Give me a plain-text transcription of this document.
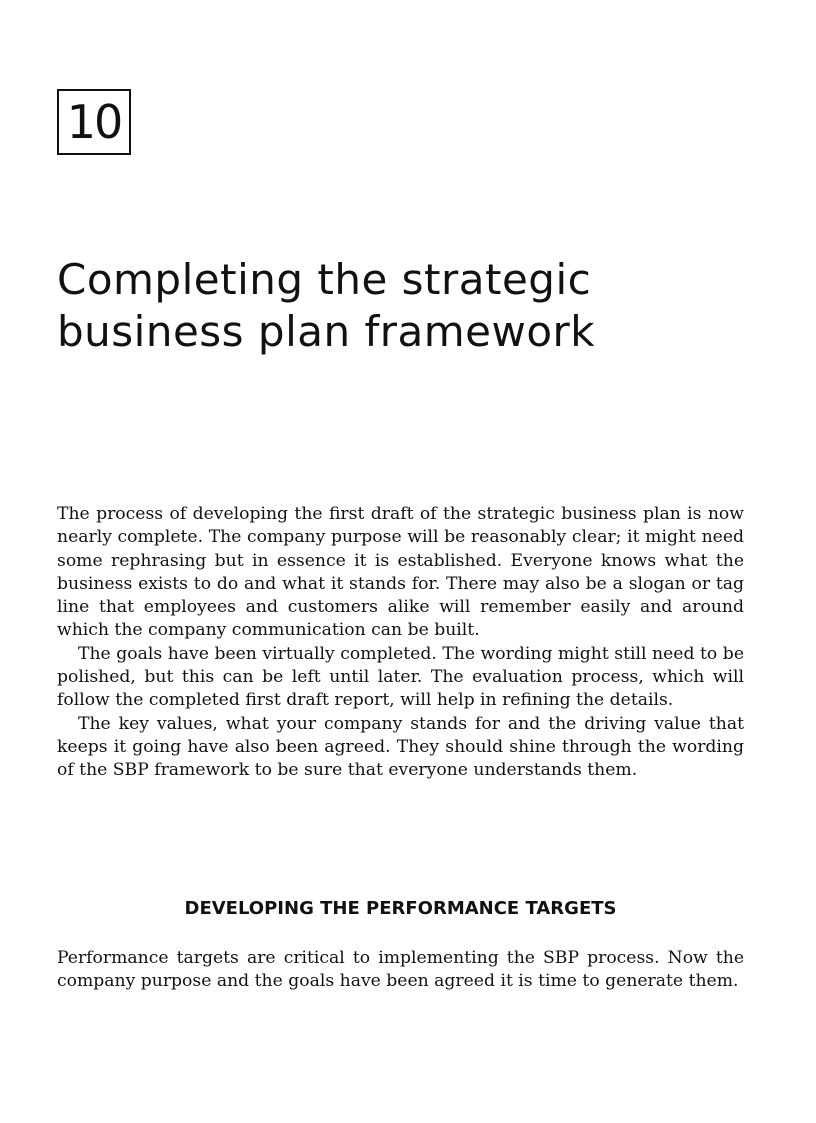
10
Completing the strategic
business plan framework

The process of developing the first draft of the strategic business plan is now nearly complete. The company purpose will be reasonably clear; it might need some rephrasing but in essence it is established. Everyone knows what the business exists to do and what it stands for. There may also be a slogan or tag line that employees and customers alike will remember easily and around which the company communication can be built.

The goals have been virtually completed. The wording might still need to be polished, but this can be left until later. The evaluation process, which will follow the completed first draft report, will help in refining the details.

The key values, what your company stands for and the driving value that keeps it going have also been agreed. They should shine through the wording of the SBP framework to be sure that everyone understands them.

DEVELOPING THE PERFORMANCE TARGETS

Performance targets are critical to implementing the SBP process. Now the company purpose and the goals have been agreed it is time to generate them.
